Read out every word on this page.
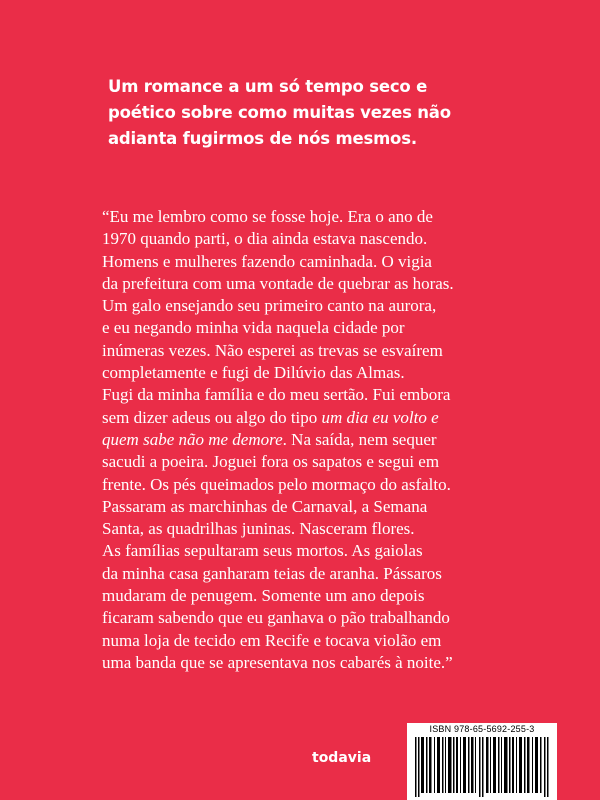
Um romance a um só tempo seco e
poético sobre como muitas vezes não
adianta fugirmos de nós mesmos.
“Eu me lembro como se fosse hoje. Era o ano de
1970 quando parti, o dia ainda estava nascendo.
Homens e mulheres fazendo caminhada. O vigia
da prefeitura com uma vontade de quebrar as horas.
Um galo ensejando seu primeiro canto na aurora,
e eu negando minha vida naquela cidade por
inúmeras vezes. Não esperei as trevas se esvaírem
completamente e fugi de Dilúvio das Almas.
Fugi da minha família e do meu sertão. Fui embora
sem dizer adeus ou algo do tipo um dia eu volto e
quem sabe não me demore. Na saída, nem sequer
sacudi a poeira. Joguei fora os sapatos e segui em
frente. Os pés queimados pelo mormaço do asfalto.
Passaram as marchinhas de Carnaval, a Semana
Santa, as quadrilhas juninas. Nasceram flores.
As famílias sepultaram seus mortos. As gaiolas
da minha casa ganharam teias de aranha. Pássaros
mudaram de penugem. Somente um ano depois
ficaram sabendo que eu ganhava o pão trabalhando
numa loja de tecido em Recife e tocava violão em
uma banda que se apresentava nos cabarés à noite.”
ISBN 978-65-5692-255-3
todavia
